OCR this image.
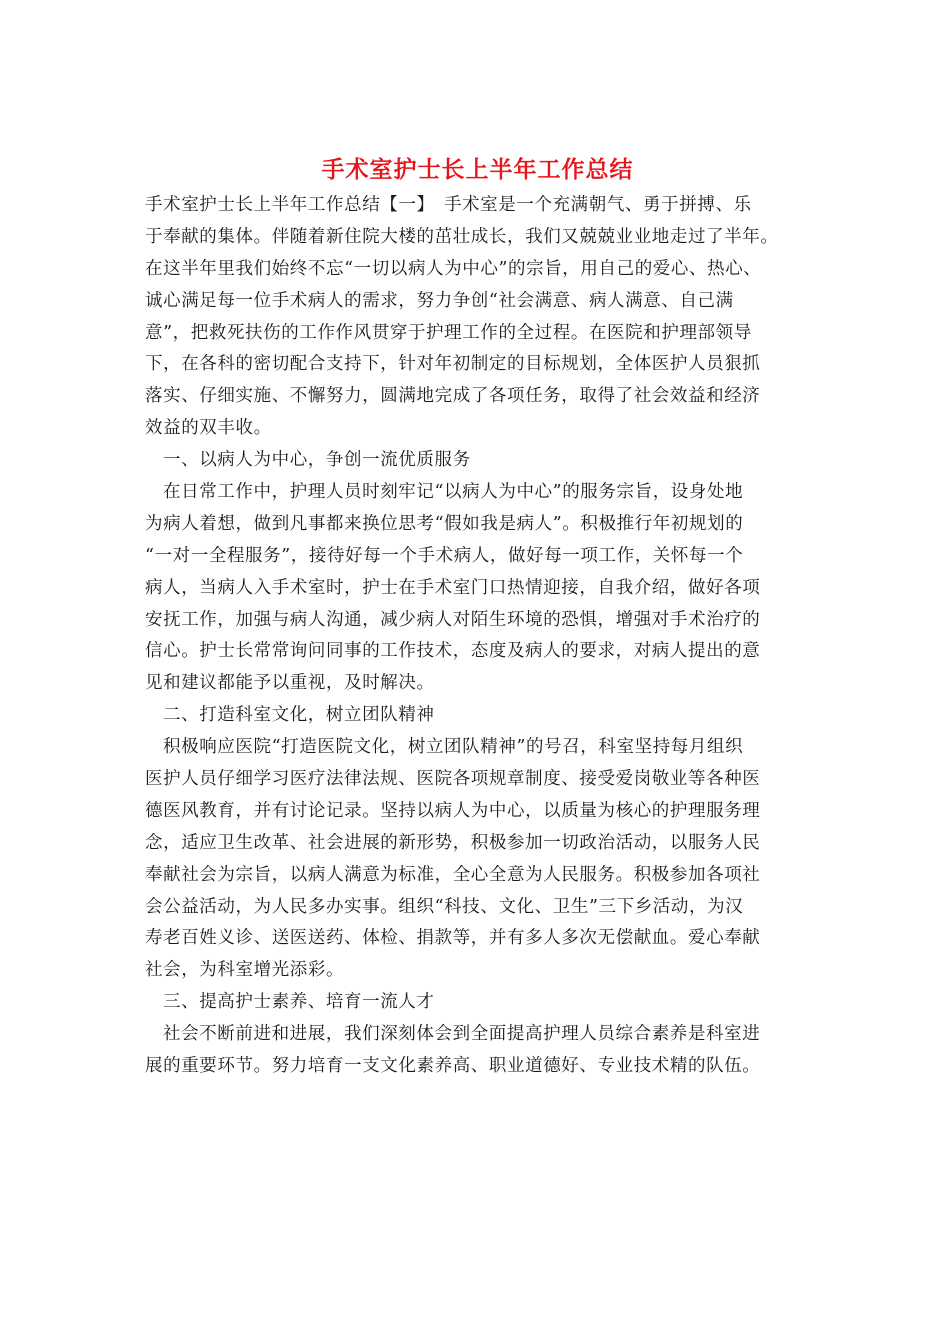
手术室护士长上半年工作总结

手术室护士长上半年工作总结【一】　手术室是一个充满朝气、勇于拼搏、乐
于奉献的集体。伴随着新住院大楼的茁壮成长，我们又兢兢业业地走过了半年。
在这半年里我们始终不忘“一切以病人为中心”的宗旨，用自己的爱心、热心、
诚心满足每一位手术病人的需求，努力争创“社会满意、病人满意、自己满
意”，把救死扶伤的工作作风贯穿于护理工作的全过程。在医院和护理部领导
下，在各科的密切配合支持下，针对年初制定的目标规划，全体医护人员狠抓
落实、仔细实施、不懈努力，圆满地完成了各项任务，取得了社会效益和经济
效益的双丰收。

一、以病人为中心，争创一流优质服务
在日常工作中，护理人员时刻牢记“以病人为中心”的服务宗旨，设身处地
为病人着想，做到凡事都来换位思考“假如我是病人”。积极推行年初规划的
“一对一全程服务”，接待好每一个手术病人，做好每一项工作，关怀每一个
病人，当病人入手术室时，护士在手术室门口热情迎接，自我介绍，做好各项
安抚工作，加强与病人沟通，减少病人对陌生环境的恐惧，增强对手术治疗的
信心。护士长常常询问同事的工作技术，态度及病人的要求，对病人提出的意
见和建议都能予以重视，及时解决。

二、打造科室文化，树立团队精神
积极响应医院“打造医院文化，树立团队精神”的号召，科室坚持每月组织
医护人员仔细学习医疗法律法规、医院各项规章制度、接受爱岗敬业等各种医
德医风教育，并有讨论记录。坚持以病人为中心，以质量为核心的护理服务理
念，适应卫生改革、社会进展的新形势，积极参加一切政治活动，以服务人民
奉献社会为宗旨，以病人满意为标准，全心全意为人民服务。积极参加各项社
会公益活动，为人民多办实事。组织“科技、文化、卫生”三下乡活动，为汉
寿老百姓义诊、送医送药、体检、捐款等，并有多人多次无偿献血。爱心奉献
社会，为科室增光添彩。

三、提高护士素养、培育一流人才
社会不断前进和进展，我们深刻体会到全面提高护理人员综合素养是科室进
展的重要环节。努力培育一支文化素养高、职业道德好、专业技术精的队伍。
